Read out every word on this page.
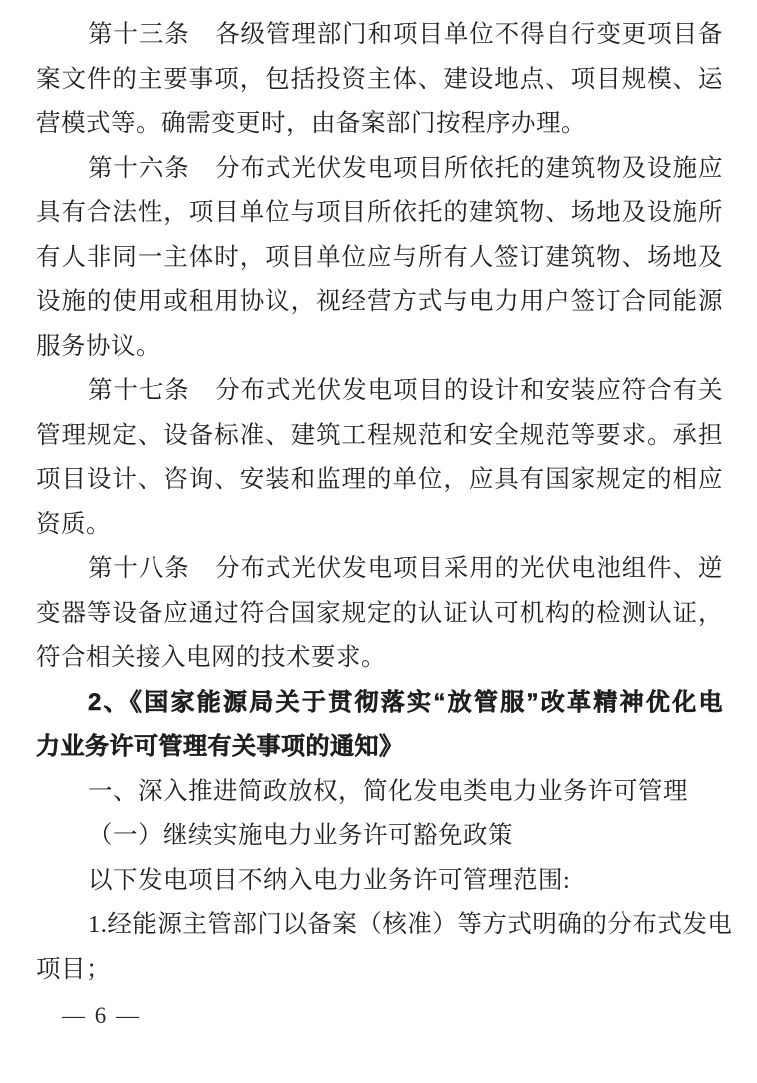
第十三条　各级管理部门和项目单位不得自行变更项目备
案文件的主要事项，包括投资主体、建设地点、项目规模、运
营模式等。确需变更时，由备案部门按程序办理。
第十六条　分布式光伏发电项目所依托的建筑物及设施应
具有合法性，项目单位与项目所依托的建筑物、场地及设施所
有人非同一主体时，项目单位应与所有人签订建筑物、场地及
设施的使用或租用协议，视经营方式与电力用户签订合同能源
服务协议。
第十七条　分布式光伏发电项目的设计和安装应符合有关
管理规定、设备标准、建筑工程规范和安全规范等要求。承担
项目设计、咨询、安装和监理的单位，应具有国家规定的相应
资质。
第十八条　分布式光伏发电项目采用的光伏电池组件、逆
变器等设备应通过符合国家规定的认证认可机构的检测认证，
符合相关接入电网的技术要求。
2、《国家能源局关于贯彻落实“放管服”改革精神优化电
力业务许可管理有关事项的通知》
一、深入推进简政放权，简化发电类电力业务许可管理
（一）继续实施电力业务许可豁免政策
以下发电项目不纳入电力业务许可管理范围:
1.经能源主管部门以备案（核准）等方式明确的分布式发电
项目；
— 6 —
